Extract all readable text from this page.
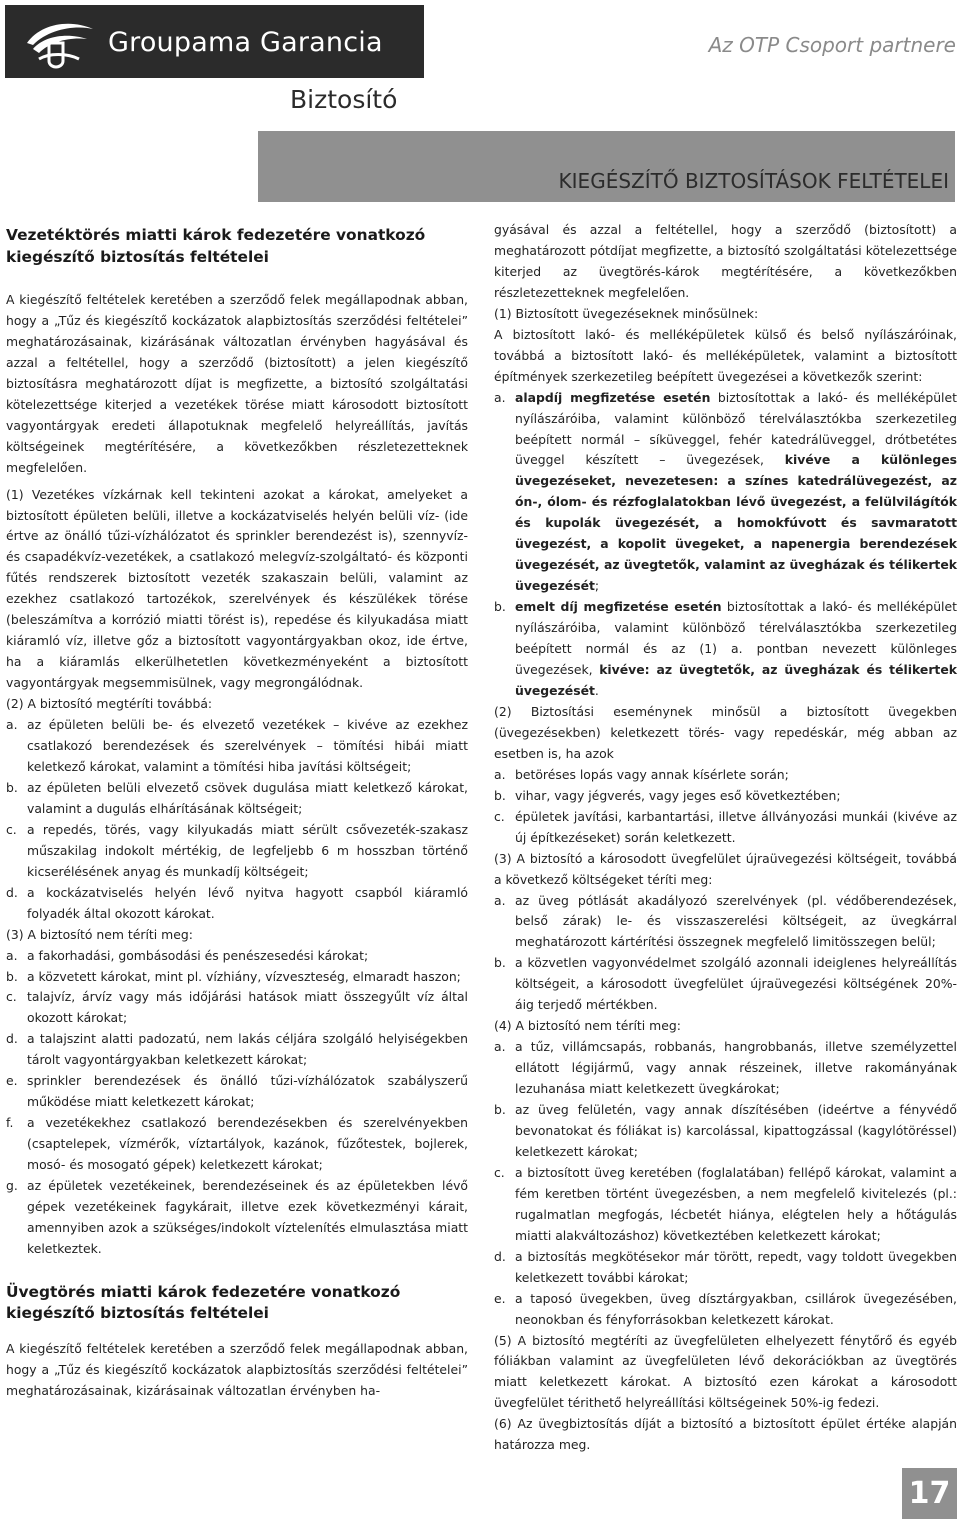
Groupama Garancia	Az OTP Csoport partnere
Biztosító
KIEGÉSZÍTŐ BIZTOSÍTÁSOK FELTÉTELEI
Vezetéktörés miatti károk fedezetére vonatkozó kiegészítő biztosítás feltételei

A kiegészítő feltételek keretében a szerződő felek megállapodnak abban, hogy a „Tűz és kiegészítő kockázatok alapbiztosítás szerződési feltételei” meghatározásainak, kizárásának változatlan érvényben hagyásával és azzal a feltétellel, hogy a szerződő (biztosított) a jelen kiegészítő biztosításra meghatározott díjat is megfizette, a biztosító szolgáltatási kötelezettsége kiterjed a vezetékek törése miatt károsodott biztosított vagyontárgyak eredeti állapotuknak megfelelő helyreállítás, javítás költségeinek megtérítésére, a következőkben részletezetteknek megfelelően.

(1) Vezetékes vízkárnak kell tekinteni azokat a károkat, amelyeket a biztosított épületen belüli, illetve a kockázatviselés helyén belüli víz- (ide értve az önálló tűzi-vízhálózatot és sprinkler berendezést is), szennyvíz- és csapadékvíz-vezetékek, a csatlakozó melegvíz-szolgáltató- és központi fűtés rendszerek biztosított vezeték szakaszain belüli, valamint az ezekhez csatlakozó tartozékok, szerelvények és készülékek törése (beleszámítva a korrózió miatti törést is), repedése és kilyukadása miatt kiáramló víz, illetve gőz a biztosított vagyontárgyakban okoz, ide értve, ha a kiáramlás elkerülhetetlen következményeként a biztosított vagyontárgyak megsemmisülnek, vagy megrongálódnak.

(2) A biztosító megtéríti továbbá:

a. az épületen belüli be- és elvezető vezetékek – kivéve az ezekhez csatlakozó berendezések és szerelvények – tömítési hibái miatt keletkező károkat, valamint a tömítési hiba javítási költségeit;
b. az épületen belüli elvezető csövek dugulása miatt keletkező károkat, valamint a dugulás elhárításának költségeit;
c. a repedés, törés, vagy kilyukadás miatt sérült csővezeték-szakasz műszakilag indokolt mértékig, de legfeljebb 6 m hosszban történő kicserélésének anyag és munkadíj költségeit;
d. a kockázatviselés helyén lévő nyitva hagyott csapból kiáramló folyadék által okozott károkat.

(3) A biztosító nem téríti meg:

a. a fakorhadási, gombásodási és penészesedési károkat;
b. a közvetett károkat, mint pl. vízhiány, vízveszteség, elmaradt haszon;
c. talajvíz, árvíz vagy más időjárási hatások miatt összegyűlt víz által okozott károkat;
d. a talajszint alatti padozatú, nem lakás céljára szolgáló helyiségekben tárolt vagyontárgyakban keletkezett károkat;
e. sprinkler berendezések és önálló tűzi-vízhálózatok szabályszerű működése miatt keletkezett károkat;
f.	a vezetékekhez csatlakozó berendezésekben és szerelvényekben (csaptelepek, vízmérők, víztartályok, kazánok, fűzőtestek, bojlerek, mosó- és mosogató gépek) keletkezett károkat;
g. az épületek vezetékeinek, berendezéseinek és az épületekben lévő gépek vezetékeinek fagykárait, illetve ezek következményi kárait, amennyiben azok a szükséges/indokolt víztelenítés elmulasztása miatt keletkeztek.
Üvegtörés miatti károk fedezetére vonatkozó kiegészítő biztosítás feltételei

A kiegészítő feltételek keretében a szerződő felek megállapodnak abban, hogy a „Tűz és kiegészítő kockázatok alapbiztosítás szerződési feltételei” meghatározásainak, kizárásainak változatlan érvényben ha-

gyásával és azzal a feltétellel, hogy a szerződő (biztosított) a meghatározott pótdíjat megfizette, a biztosító szolgáltatási kötelezettsége kiterjed az üvegtörés-károk megtérítésére, a következőkben részletezetteknek megfelelően.

(1) Biztosított üvegezéseknek minősülnek:

A biztosított lakó- és melléképületek külső és belső nyílászáróinak, továbbá a biztosított lakó- és melléképületek, valamint a biztosított építmények szerkezetileg beépített üvegezései a következők szerint:

a. alapdíj megfizetése esetén biztosítottak a lakó- és melléképület nyílászáróiba, valamint különböző térelválasztókba szerkezetileg beépített normál – síküveggel, fehér katedrálüveggel, drótbetétes üveggel készített – üvegezések, kivéve a különleges üvegezéseket, nevezetesen: a színes katedrálüvegezést, az ón-, ólom- és rézfoglalatokban lévő üvegezést, a felülvilágítók és kupolák üvegezését, a homokfúvott és savmaratott üvegezést, a kopolit üvegeket, a napenergia berendezések üvegezését, az üvegtetők, valamint az üvegházak és télikertek üvegezését;
b. emelt díj megfizetése esetén biztosítottak a lakó- és melléképület nyílászáróiba, valamint különböző térelválasztókba szerkezetileg beépített normál és az (1) a. pontban nevezett különleges üvegezések, kivéve: az üvegtetők, az üvegházak és télikertek üvegezését.

(2) Biztosítási eseménynek minősül a biztosított üvegekben (üvegezésekben) keletkezett törés- vagy repedéskár, még abban az esetben is, ha azok

a. betöréses lopás vagy annak kísérlete során;
b. vihar, vagy jégverés, vagy jeges eső következtében;
c. épületek javítási, karbantartási, illetve állványozási munkái (kivéve az új építkezéseket) során keletkezett.

(3) A biztosító a károsodott üvegfelület újraüvegezési költségeit, továbbá a következő költségeket téríti meg:

a. az üveg pótlását akadályozó szerelvények (pl. védőberendezések, belső zárak) le- és visszaszerelési költségeit, az üvegkárral meghatározott kártérítési összegnek megfelelő limitösszegen belül;
b. a közvetlen vagyonvédelmet szolgáló azonnali ideiglenes helyreállítás költségeit, a károsodott üvegfelület újraüvegezési költségének 20%-áig terjedő mértékben.

(4) A biztosító nem téríti meg:

a. a tűz, villámcsapás, robbanás, hangrobbanás, illetve személyzettel ellátott légijármű, vagy annak részeinek, illetve rakományának lezuhanása miatt keletkezett üvegkárokat;
b. az üveg felületén, vagy annak díszítésében (ideértve a fényvédő bevonatokat és fóliákat is) karcolással, kipattogzással (kagylótöréssel) keletkezett károkat;
c. a biztosított üveg keretében (foglalatában) fellépő károkat, valamint a fém keretben történt üvegezésben, a nem megfelelő kivitelezés (pl.: rugalmatlan megfogás, lécbetét hiánya, elégtelen hely a hőtágulás miatti alakváltozáshoz) következtében keletkezett károkat;
d. a biztosítás megkötésekor már törött, repedt, vagy toldott üvegekben keletkezett további károkat;
e. a taposó üvegekben, üveg dísztárgyakban, csillárok üvegezésében, neonokban és fényforrásokban keletkezett károkat.

(5) A biztosító megtéríti az üvegfelületen elhelyezett fénytőrő és egyéb fóliákban valamint az üvegfelületen lévő dekorációkban az üvegtörés miatt keletkezett károkat. A biztosító ezen károkat a károsodott üvegfelület térithető helyreállítási költségeinek 50%-ig fedezi.

(6) Az üvegbiztosítás díját a biztosító a biztosított épület értéke alapján határozza meg.

17
